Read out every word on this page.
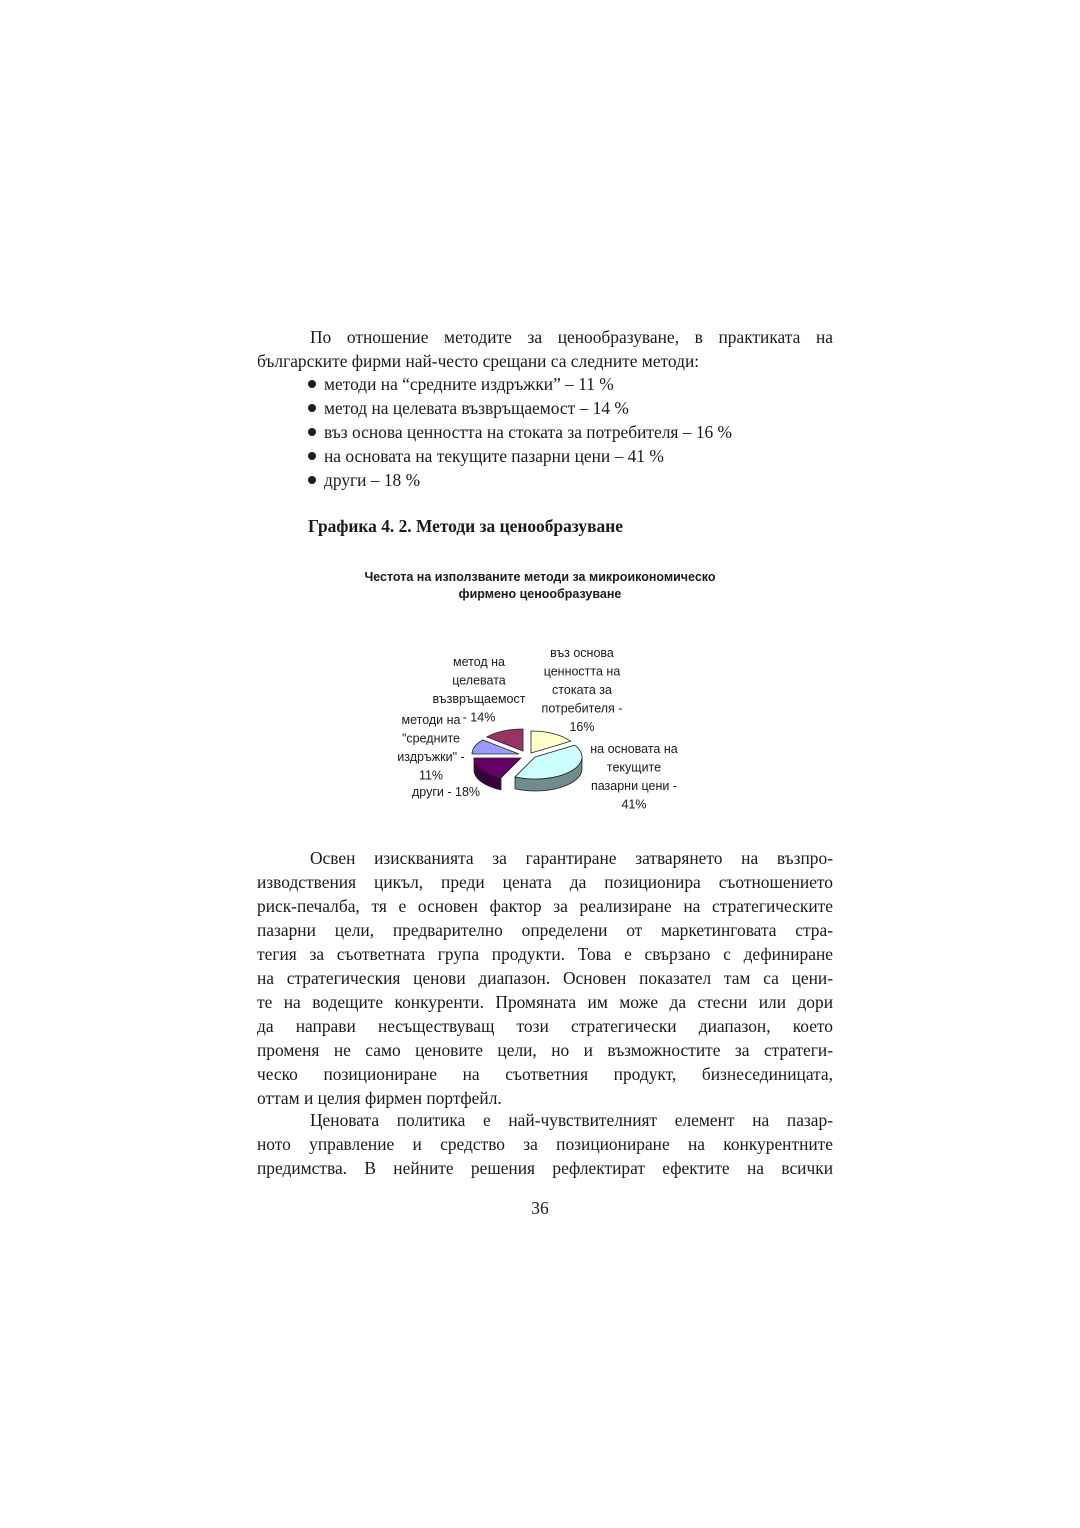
По отношение методите за ценообразуване, в практиката на
българските фирми най-често срещани са следните методи:
методи на “средните издръжки” – 11 %
метод на целевата възвръщаемост – 14 %
въз основа ценността на стоката за потребителя – 16 %
на основата на текущите пазарни цени – 41 %
други – 18 %

Графика 4. 2. Методи за ценообразуване

Честота на използваните методи за микроикономическо
фирмено ценообразуване
въз основа ценността на стоката за потребителя -16%
на основата на текущите пазарни цени -41%
други - 18%
методи на "средните издръжки" -11%
метод на целевата възвръщаемост - 14%
Освен изискванията за гарантиране затварянето на възпро-
изводствения цикъл, преди цената да позиционира съотношението
риск-печалба, тя е основен фактор за реализиране на стратегическите
пазарни цели, предварително определени от маркетинговата стра-
тегия за съответната група продукти. Това е свързано с дефиниране
на стратегическия ценови диапазон. Основен показател там са цени-
те на водещите конкуренти. Промяната им може да стесни или дори
да направи несъществуващ този стратегически диапазон, което
променя не само ценовите цели, но и възможностите за стратеги-
ческо позициониране на съответния продукт, бизнесединицата,
оттам и целия фирмен портфейл.
Ценовата политика е най-чувствителният елемент на пазар-
ното управление и средство за позициониране на конкурентните
предимства. В нейните решения рефлектират ефектите на всички

36
